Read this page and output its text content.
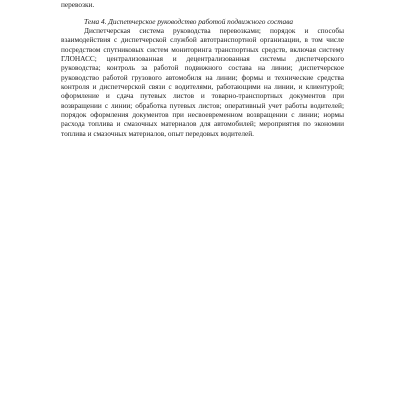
перевозки.

Тема 4. Диспетчерское руководство работой подвижного состава

Диспетчерская система руководства перевозками; порядок и способы взаимодействия с диспетчерской службой автотранспортной организации, в том числе посредством спутниковых систем мониторинга транспортных средств, включая систему ГЛОНАСС; централизованная и децентрализованная системы диспетчерского руководства; контроль за работой подвижного состава на линии; диспетчерское руководство работой грузового автомобиля на линии; формы и технические средства контроля и диспетчерской связи с водителями, работающими на линии, и клиентурой; оформление и сдача путевых листов и товарно-транспортных документов при возвращении с линии; обработка путевых листов; оперативный учет работы водителей; порядок оформления документов при несвоевременном возвращении с линии; нормы расхода топлива и смазочных материалов для автомобилей; мероприятия по экономии топлива и смазочных материалов, опыт передовых водителей.
